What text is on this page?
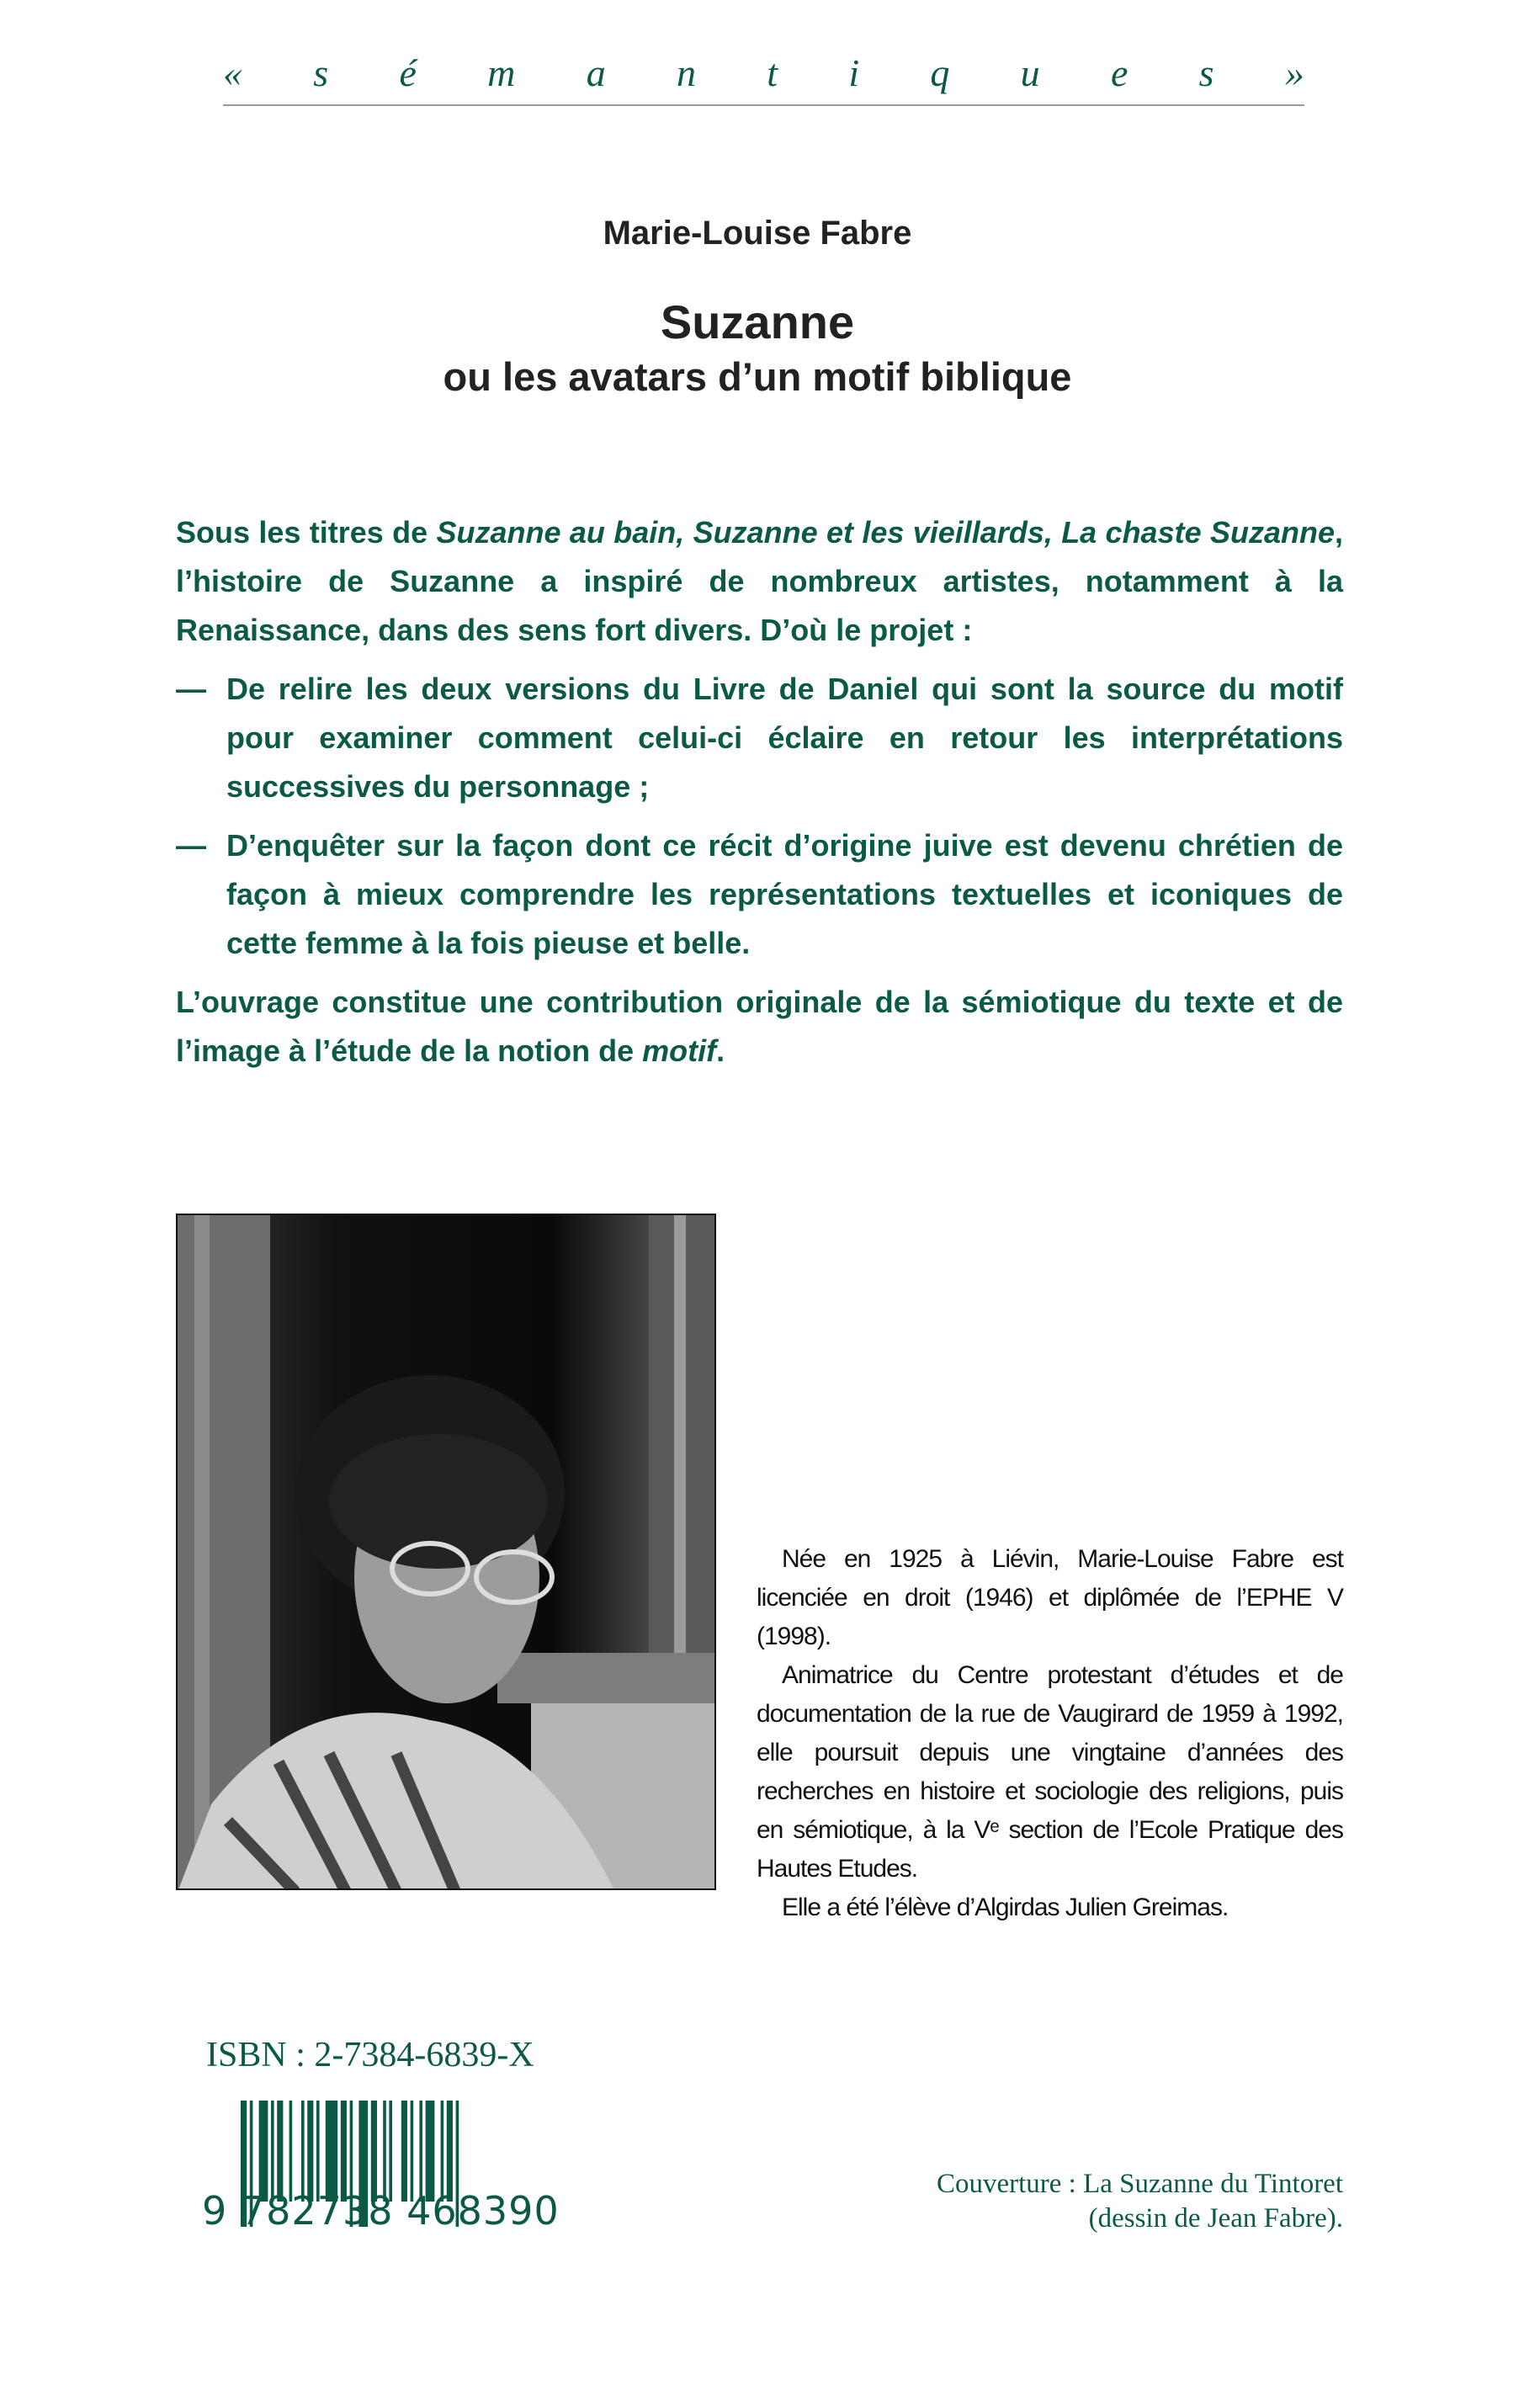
« s é m a n t i q u e s »
Marie-Louise Fabre
Suzanne
ou les avatars d’un motif biblique

Sous les titres de Suzanne au bain, Suzanne et les vieillards, La chaste Suzanne, l’histoire de Suzanne a inspiré de nombreux artistes, notamment à la Renaissance, dans des sens fort divers. D’où le projet :

— De relire les deux versions du Livre de Daniel qui sont la source du motif pour examiner comment celui-ci éclaire en retour les interprétations successives du personnage ;

— D’enquêter sur la façon dont ce récit d’origine juive est devenu chrétien de façon à mieux comprendre les représentations textuelles et iconiques de cette femme à la fois pieuse et belle.

L’ouvrage constitue une contribution originale de la sémiotique du texte et de l’image à l’étude de la notion de motif.

Née en 1925 à Liévin, Marie-Louise Fabre est licenciée en droit (1946) et diplômée de l’EPHE V (1998).

Animatrice du Centre protestant d’études et de documentation de la rue de Vaugirard de 1959 à 1992, elle poursuit depuis une vingtaine d’années des recherches en histoire et sociologie des religions, puis en sémiotique, à la Vᵉ section de l’Ecole Pratique des Hautes Etudes.

Elle a été l’élève d’Algirdas Julien Greimas.

ISBN : 2-7384-6839-X
9 782738 468390
Couverture : La Suzanne du Tintoret
(dessin de Jean Fabre).
